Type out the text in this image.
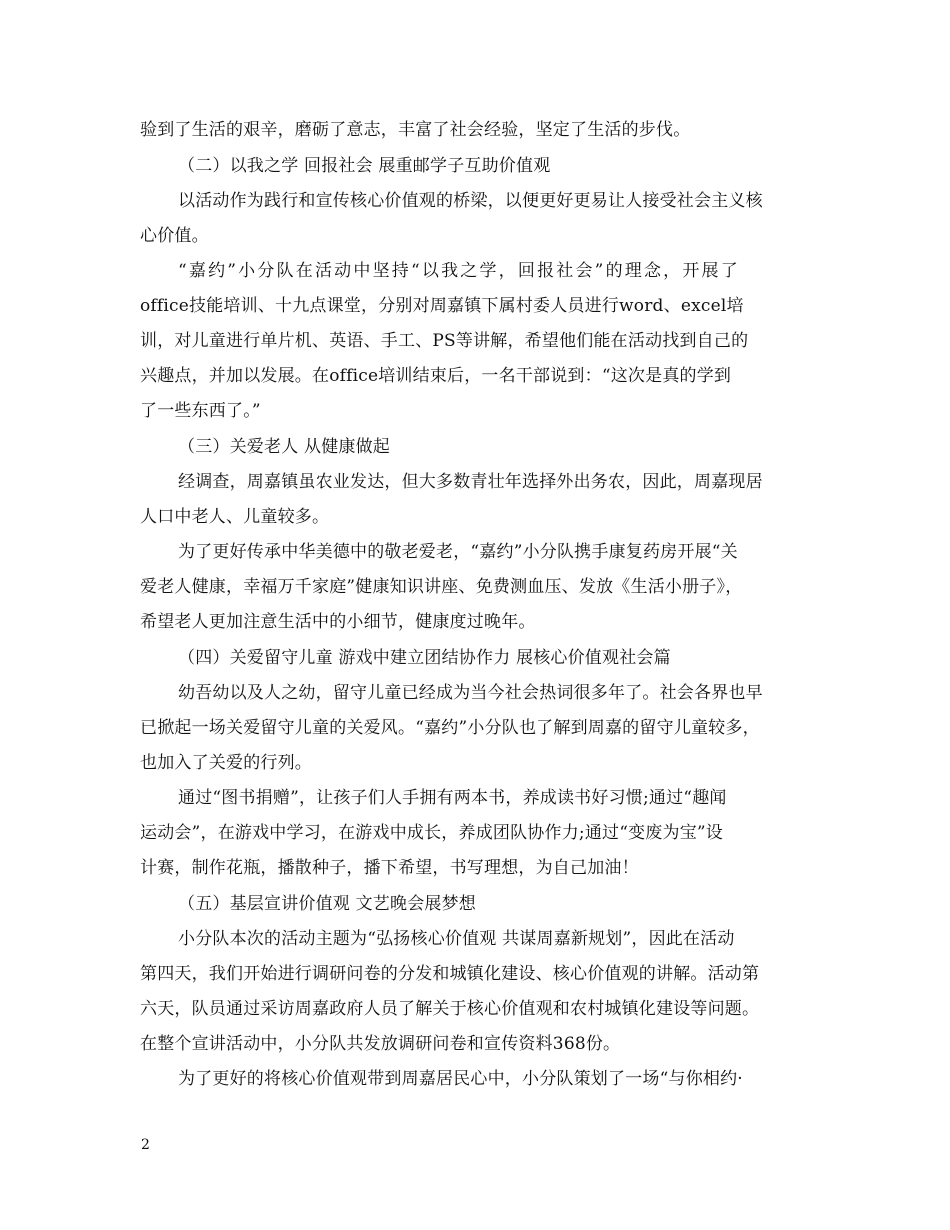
验到了生活的艰辛，磨砺了意志，丰富了社会经验，坚定了生活的步伐。
（二）以我之学 回报社会 展重邮学子互助价值观
以活动作为践行和宣传核心价值观的桥梁，以便更好更易让人接受社会主义核
心价值。
“嘉约”小分队在活动中坚持“以我之学，回报社会”的理念，开展了
office技能培训、十九点课堂，分别对周嘉镇下属村委人员进行word、excel培
训，对儿童进行单片机、英语、手工、PS等讲解，希望他们能在活动找到自己的
兴趣点，并加以发展。在office培训结束后，一名干部说到：“这次是真的学到
了一些东西了。”
（三）关爱老人 从健康做起
经调查，周嘉镇虽农业发达，但大多数青壮年选择外出务农，因此，周嘉现居
人口中老人、儿童较多。
为了更好传承中华美德中的敬老爱老，“嘉约”小分队携手康复药房开展“关
爱老人健康，幸福万千家庭”健康知识讲座、免费测血压、发放《生活小册子》，
希望老人更加注意生活中的小细节，健康度过晚年。
（四）关爱留守儿童 游戏中建立团结协作力 展核心价值观社会篇
幼吾幼以及人之幼，留守儿童已经成为当今社会热词很多年了。社会各界也早
已掀起一场关爱留守儿童的关爱风。“嘉约”小分队也了解到周嘉的留守儿童较多，
也加入了关爱的行列。
通过“图书捐赠”，让孩子们人手拥有两本书，养成读书好习惯;通过“趣闻
运动会”，在游戏中学习，在游戏中成长，养成团队协作力;通过“变废为宝”设
计赛，制作花瓶，播散种子，播下希望，书写理想，为自己加油！
（五）基层宣讲价值观 文艺晚会展梦想
小分队本次的活动主题为“弘扬核心价值观 共谋周嘉新规划”，因此在活动
第四天，我们开始进行调研问卷的分发和城镇化建设、核心价值观的讲解。活动第
六天，队员通过采访周嘉政府人员了解关于核心价值观和农村城镇化建设等问题。
在整个宣讲活动中，小分队共发放调研问卷和宣传资料368份。
为了更好的将核心价值观带到周嘉居民心中，小分队策划了一场“与你相约·
2
